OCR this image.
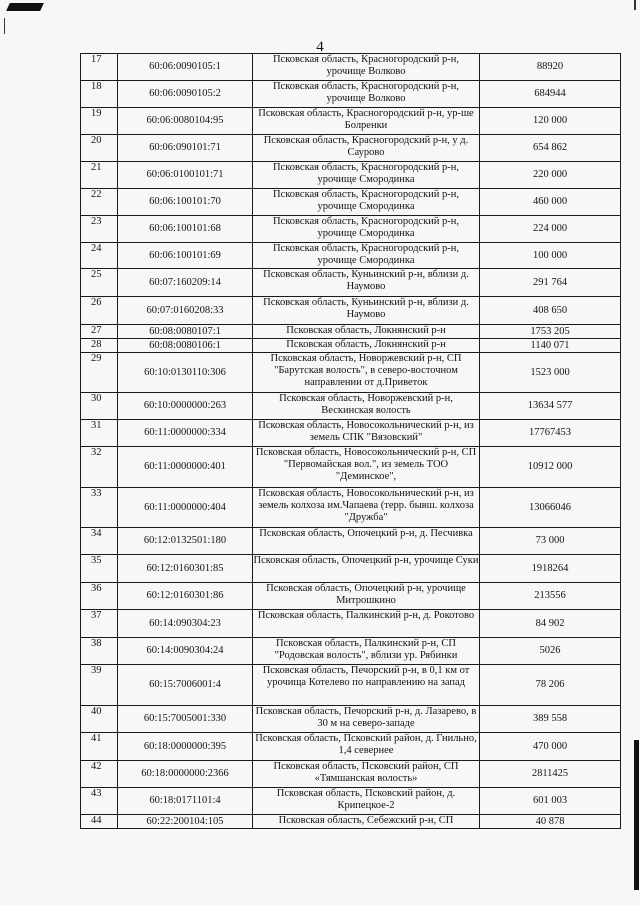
4
17	60:06:0090105:1	Псковская область, Красногородский р-н, урочище Волково	88920
18	60:06:0090105:2	Псковская область, Красногородский р-н, урочище Волково	684944
19	60:06:0080104:95	Псковская область, Красногородский р-н, ур-ше Болренки	120 000
20	60:06:090101:71	Псковская область, Красногородский р-н, у д. Саурово	654 862
21	60:06:0100101:71	Псковская область, Красногородский р-н, урочище Смородинка	220 000
22	60:06:100101:70	Псковская область, Красногородский р-н, урочище Смородинка	460 000
23	60:06:100101:68	Псковская область, Красногородский р-н, урочище Смородинка	224 000
24	60:06:100101:69	Псковская область, Красногородский р-н, урочище Смородинка	100 000
25	60:07:160209:14	Псковская область, Куньинский р-н, вблизи д. Наумово	291 764
26	60:07:0160208:33	Псковская область, Куньинский р-н, вблизи д. Наумово	408 650
27	60:08:0080107:1	Псковская область, Локнянский р-н	1753 205
28	60:08:0080106:1	Псковская область, Локнянский р-н	1140 071
29	60:10:0130110:306	Псковская область, Новоржевский р-н, СП "Барутская волость", в северо-восточном направлении от д.Приветок	1523 000
30	60:10:0000000:263	Псковская область, Новоржевский р-н, Вескинская волость	13634 577
31	60:11:0000000:334	Псковская область, Новосокольнический р-н, из земель СПК "Вязовский"	17767453
32	60:11:0000000:401	Псковская область, Новосокольнический р-н, СП "Первомайская вол.", из земель ТОО "Деминское",	10912 000
33	60:11:0000000:404	Псковская область, Новосокольнический р-н, из земель колхоза им.Чапаева (терр. бывш. колхоза "Дружба"	13066046
34	60:12:0132501:180	Псковская область, Опочецкий р-н, д. Песчивка	73 000
35	60:12:0160301:85	Псковская область, Опочецкий р-н, урочище Суки	1918264
36	60:12:0160301:86	Псковская область, Опочецкий р-н, урочище Митрошкино	213556
37	60:14:090304:23	Псковская область, Палкинский р-н, д. Рокотово	84 902
38	60:14:0090304:24	Псковская область, Палкинский р-н, СП "Родовская волость", вблизи ур. Рябинки	5026
39	60:15:7006001:4	Псковская область, Печорский р-н, в 0,1 км от урочища Котелево по направлению на запад	78 206
40	60:15:7005001:330	Псковская область, Печорский р-н, д. Лазарево, в 30 м на северо-западе	389 558
41	60:18:0000000:395	Псковская область, Псковский район, д. Гнильно, 1,4 севернее	470 000
42	60:18:0000000:2366	Псковская область, Псковский район, СП «Тямшанская волость»	2811425
43	60:18:0171101:4	Псковская область, Псковский район, д. Крипецкое-2	601 003
44	60:22:200104:105	Псковская область, Себежский р-н, СП	40 878
